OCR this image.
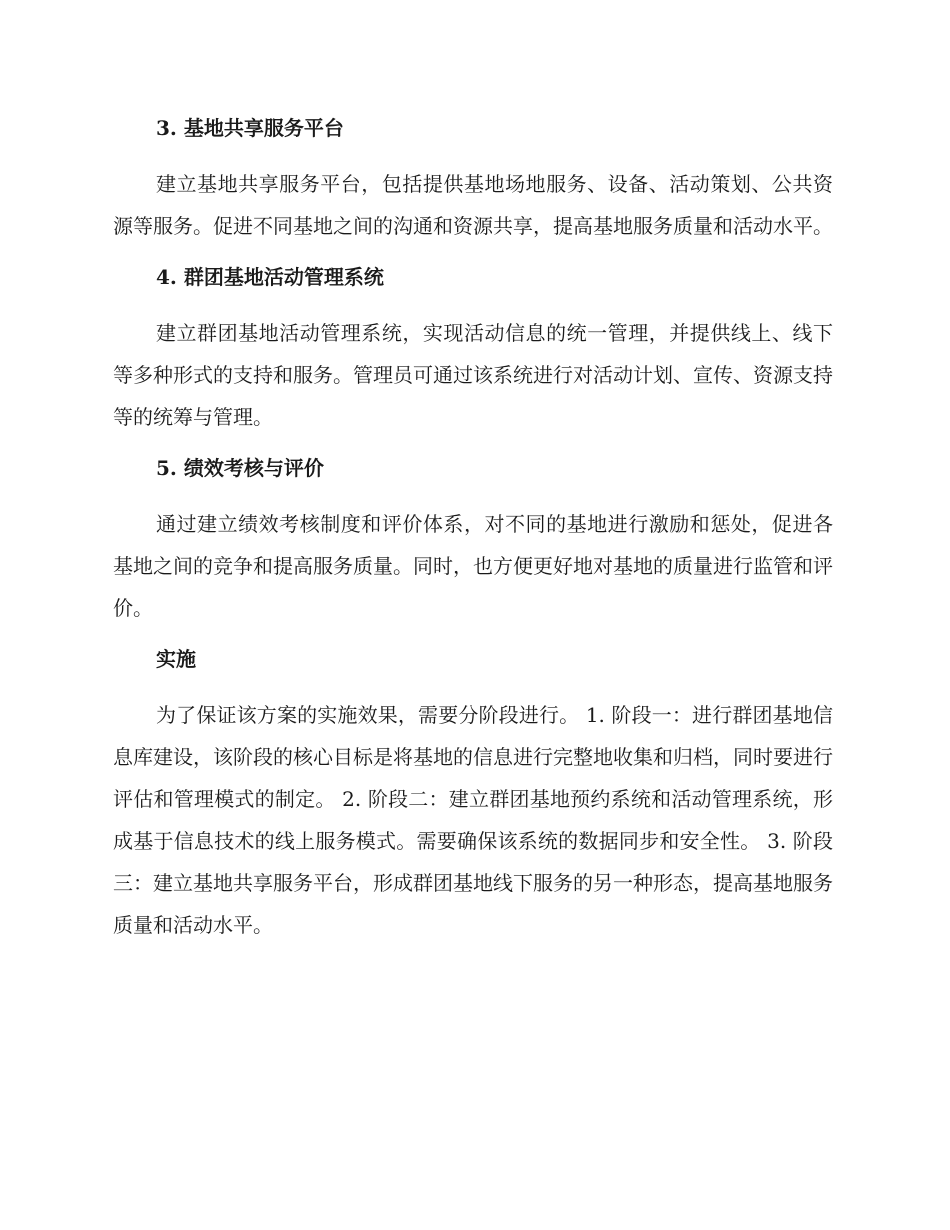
3. 基地共享服务平台

建立基地共享服务平台，包括提供基地场地服务、设备、活动策划、公共资源等服务。促进不同基地之间的沟通和资源共享，提高基地服务质量和活动水平。

4. 群团基地活动管理系统

建立群团基地活动管理系统，实现活动信息的统一管理，并提供线上、线下等多种形式的支持和服务。管理员可通过该系统进行对活动计划、宣传、资源支持等的统筹与管理。

5. 绩效考核与评价

通过建立绩效考核制度和评价体系，对不同的基地进行激励和惩处，促进各基地之间的竞争和提高服务质量。同时，也方便更好地对基地的质量进行监管和评价。

实施

为了保证该方案的实施效果，需要分阶段进行。 1. 阶段一：进行群团基地信息库建设，该阶段的核心目标是将基地的信息进行完整地收集和归档，同时要进行评估和管理模式的制定。 2. 阶段二：建立群团基地预约系统和活动管理系统，形成基于信息技术的线上服务模式。需要确保该系统的数据同步和安全性。 3. 阶段三：建立基地共享服务平台，形成群团基地线下服务的另一种形态，提高基地服务质量和活动水平。
